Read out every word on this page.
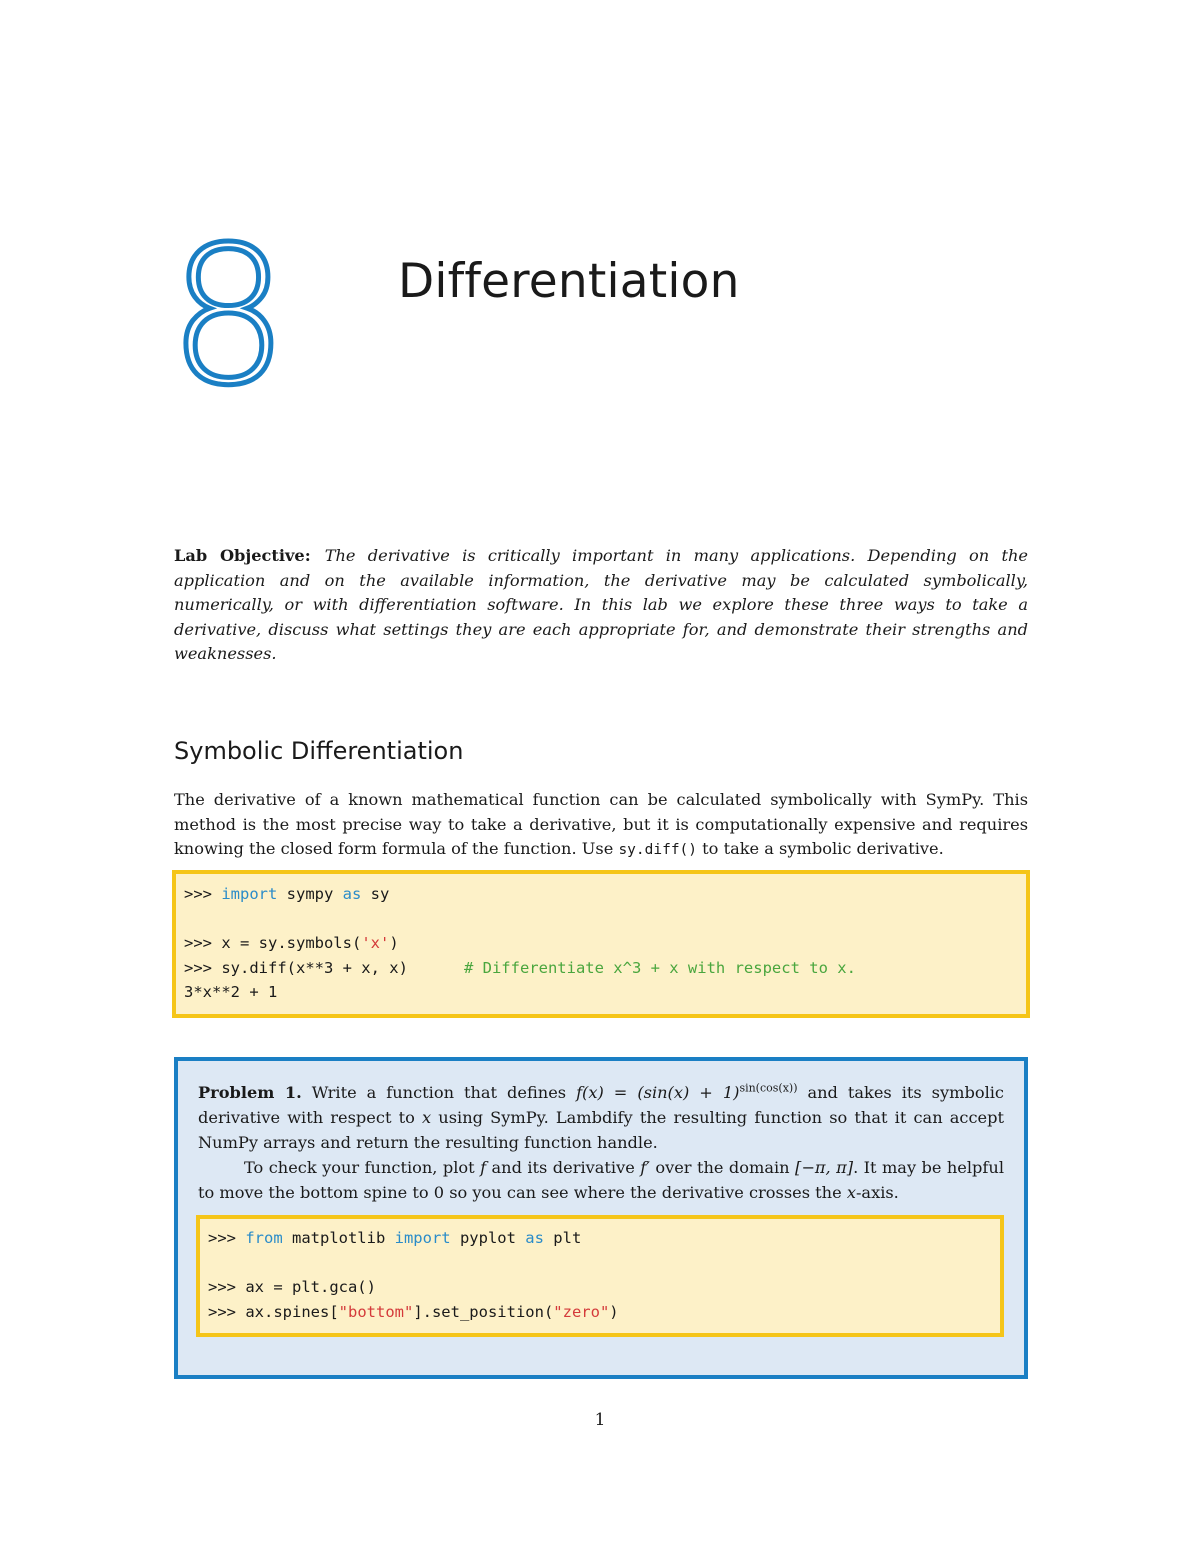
8 Differentiation
Lab Objective: The derivative is critically important in many applications. Depending on the application and on the available information, the derivative may be calculated symbolically, numerically, or with differentiation software. In this lab we explore these three ways to take a derivative, discuss what settings they are each appropriate for, and demonstrate their strengths and weaknesses.
Symbolic Differentiation
The derivative of a known mathematical function can be calculated symbolically with SymPy. This method is the most precise way to take a derivative, but it is computationally expensive and requires knowing the closed form formula of the function. Use sy.diff() to take a symbolic derivative.
>>> import sympy as sy

>>> x = sy.symbols('x')
>>> sy.diff(x**3 + x, x)      # Differentiate x^3 + x with respect to x.
3*x**2 + 1
Problem 1. Write a function that defines $f(x) = (\sin(x) + 1)^{sin(cos(x))}$ and takes its symbolic derivative with respect to x using SymPy. Lambdify the resulting function so that it can accept NumPy arrays and return the resulting function handle.
To check your function, plot f and its derivative f′ over the domain [−π, π]. It may be helpful to move the bottom spine to 0 so you can see where the derivative crosses the x-axis.
>>> from matplotlib import pyplot as plt

>>> ax = plt.gca()
>>> ax.spines["bottom"].set_position("zero")
1
